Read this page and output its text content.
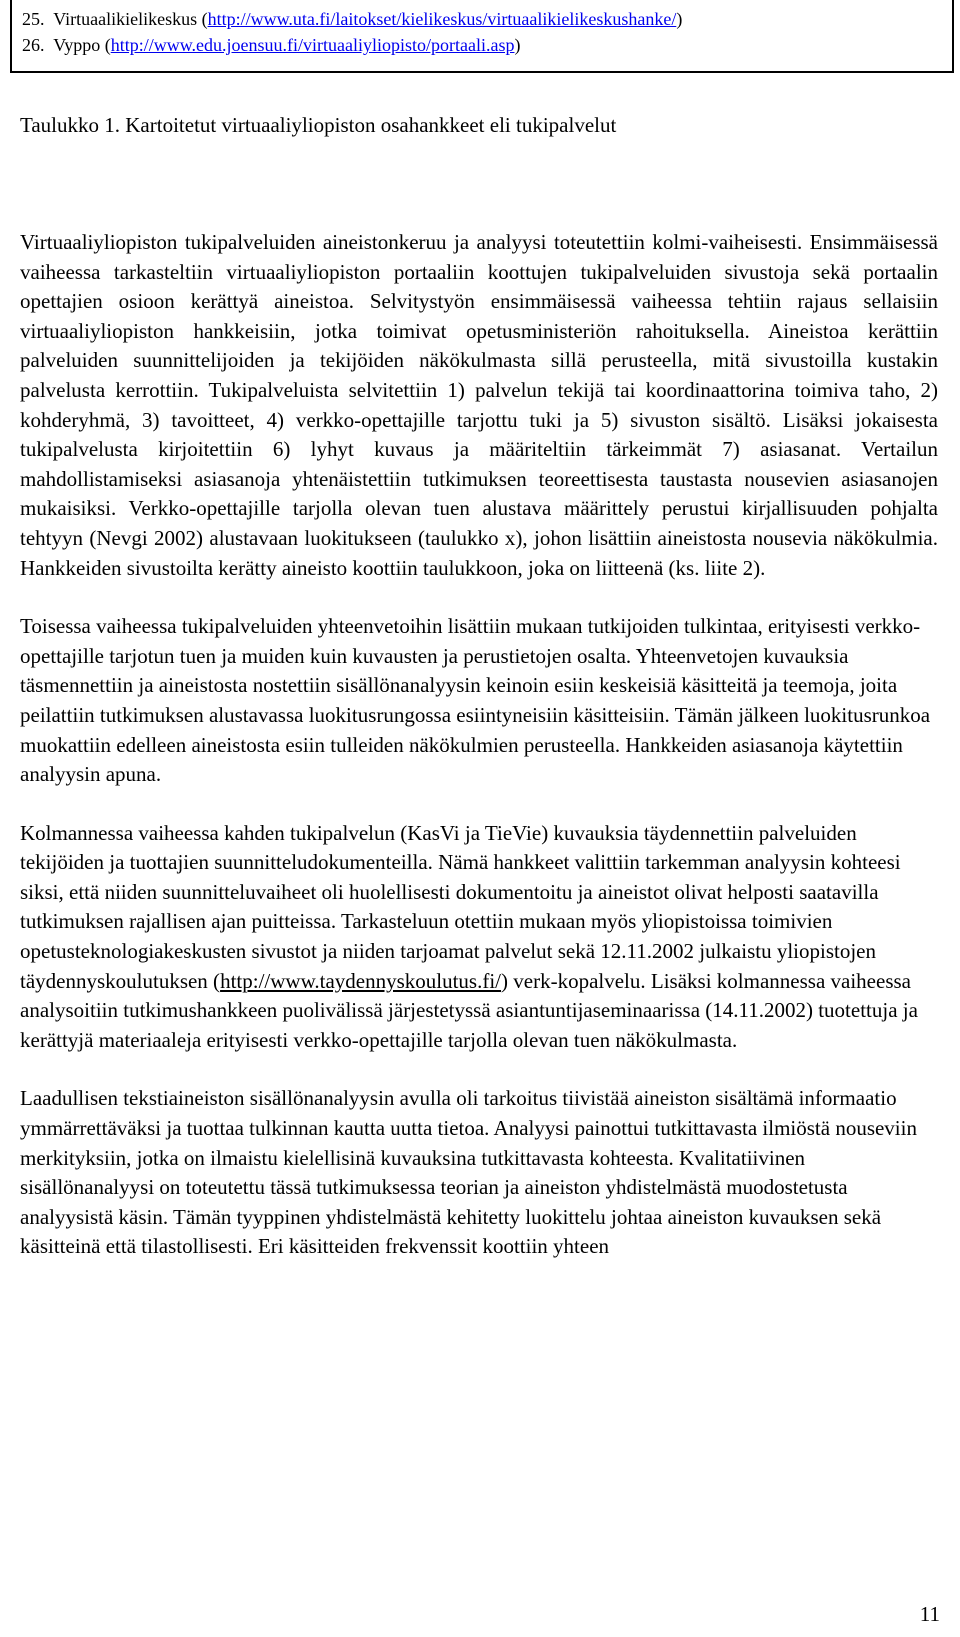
25. Virtuaalikielikeskus (http://www.uta.fi/laitokset/kielikeskus/virtuaalikielikeskushanke/)
26. Vyppo (http://www.edu.joensuu.fi/virtuaaliyliopisto/portaali.asp)
Taulukko 1. Kartoitetut virtuaaliyliopiston osahankkeet eli tukipalvelut

Virtuaaliyliopiston tukipalveluiden aineistonkeruu ja analyysi toteutettiin kolmi-vaiheisesti. Ensimmäisessä vaiheessa tarkasteltiin virtuaaliyliopiston portaaliin koottujen tukipalveluiden sivustoja sekä portaalin opettajien osioon kerättyä aineistoa. Selvitystyön ensimmäisessä vaiheessa tehtiin rajaus sellaisiin virtuaaliyliopiston hankkeisiin, jotka toimivat opetusministeriön rahoituksella. Aineistoa kerättiin palveluiden suunnittelijoiden ja tekijöiden näkökulmasta sillä perusteella, mitä sivustoilla kustakin palvelusta kerrottiin. Tukipalveluista selvitettiin 1) palvelun tekijä tai koordinaattorina toimiva taho, 2) kohderyhmä, 3) tavoitteet, 4) verkko-opettajille tarjottu tuki ja 5) sivuston sisältö. Lisäksi jokaisesta tukipalvelusta kirjoitettiin 6) lyhyt kuvaus ja määriteltiin tärkeimmät 7) asiasanat. Vertailun mahdollistamiseksi asiasanoja yhtenäistettiin tutkimuksen teoreettisesta taustasta nousevien asiasanojen mukaisiksi. Verkko-opettajille tarjolla olevan tuen alustava määrittely perustui kirjallisuuden pohjalta tehtyyn (Nevgi 2002) alustavaan luokitukseen (taulukko x), johon lisättiin aineistosta nousevia näkökulmia. Hankkeiden sivustoilta kerätty aineisto koottiin taulukkoon, joka on liitteenä (ks. liite 2).

Toisessa vaiheessa tukipalveluiden yhteenvetoihin lisättiin mukaan tutkijoiden tulkintaa, erityisesti verkko-opettajille tarjotun tuen ja muiden kuin kuvausten ja perustietojen osalta. Yhteenvetojen kuvauksia täsmennettiin ja aineistosta nostettiin sisällönanalyysin keinoin esiin keskeisiä käsitteitä ja teemoja, joita peilattiin tutkimuksen alustavassa luokitusrungossa esiintyneisiin käsitteisiin. Tämän jälkeen luokitusrunkoa muokattiin edelleen aineistosta esiin tulleiden näkökulmien perusteella. Hankkeiden asiasanoja käytettiin analyysin apuna.

Kolmannessa vaiheessa kahden tukipalvelun (KasVi ja TieVie) kuvauksia täydennettiin palveluiden tekijöiden ja tuottajien suunnitteludokumenteilla. Nämä hankkeet valittiin tarkemman analyysin kohteesi siksi, että niiden suunnitteluvaiheet oli huolellisesti dokumentoitu ja aineistot olivat helposti saatavilla tutkimuksen rajallisen ajan puitteissa. Tarkasteluun otettiin mukaan myös yliopistoissa toimivien opetusteknologiakeskusten sivustot ja niiden tarjoamat palvelut sekä 12.11.2002 julkaistu yliopistojen täydennyskoulutuksen (http://www.taydennyskoulutus.fi/) verk-kopalvelu. Lisäksi kolmannessa vaiheessa analysoitiin tutkimushankkeen puolivälissä järjestetyssä asiantuntijaseminaarissa (14.11.2002) tuotettuja ja kerättyjä materiaaleja erityisesti verkko-opettajille tarjolla olevan tuen näkökulmasta.

Laadullisen tekstiaineiston sisällönanalyysin avulla oli tarkoitus tiivistää aineiston sisältämä informaatio ymmärrettäväksi ja tuottaa tulkinnan kautta uutta tietoa. Analyysi painottui tutkittavasta ilmiöstä nouseviin merkityksiin, jotka on ilmaistu kielellisinä kuvauksina tutkittavasta kohteesta. Kvalitatiivinen sisällönanalyysi on toteutettu tässä tutkimuksessa teorian ja aineiston yhdistelmästä muodostetusta analyysistä käsin. Tämän tyyppinen yhdistelmästä kehitetty luokittelu johtaa aineiston kuvauksen sekä käsitteinä että tilastollisesti. Eri käsitteiden frekvenssit koottiin yhteen

11
